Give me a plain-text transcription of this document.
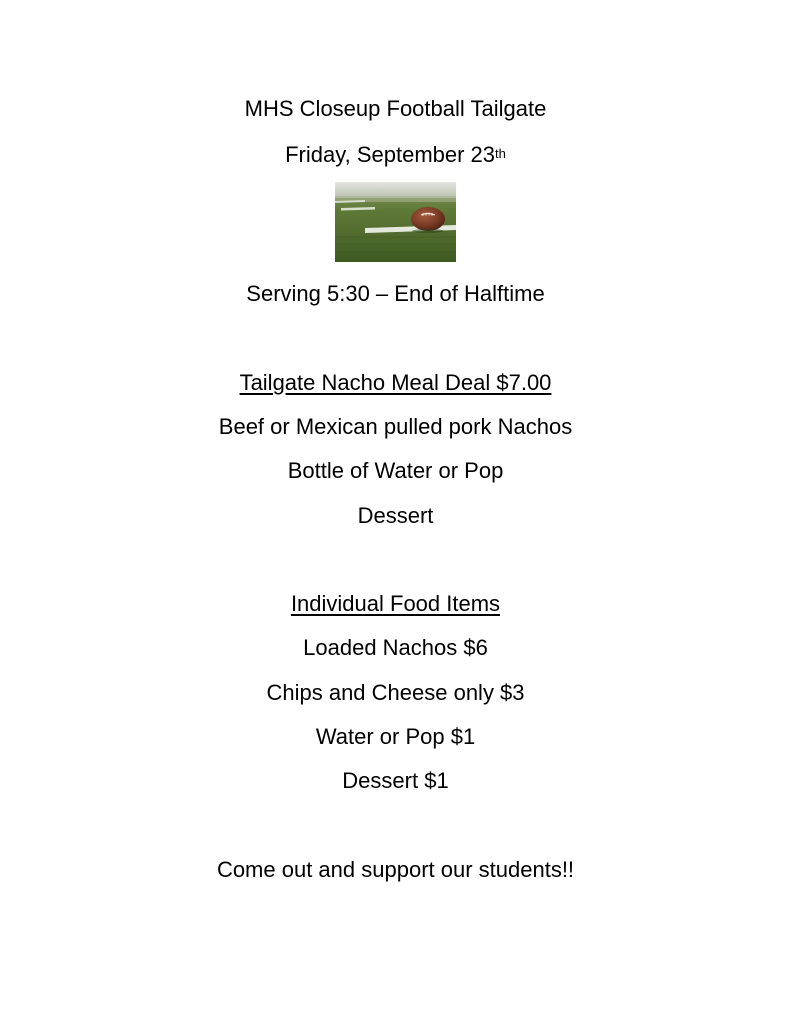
MHS Closeup Football Tailgate
Friday, September 23th
Serving 5:30 – End of Halftime
Tailgate Nacho Meal Deal $7.00
Beef or Mexican pulled pork Nachos
Bottle of Water or Pop
Dessert
Individual Food Items
Loaded Nachos $6
Chips and Cheese only $3
Water or Pop $1
Dessert $1
Come out and support our students!!
